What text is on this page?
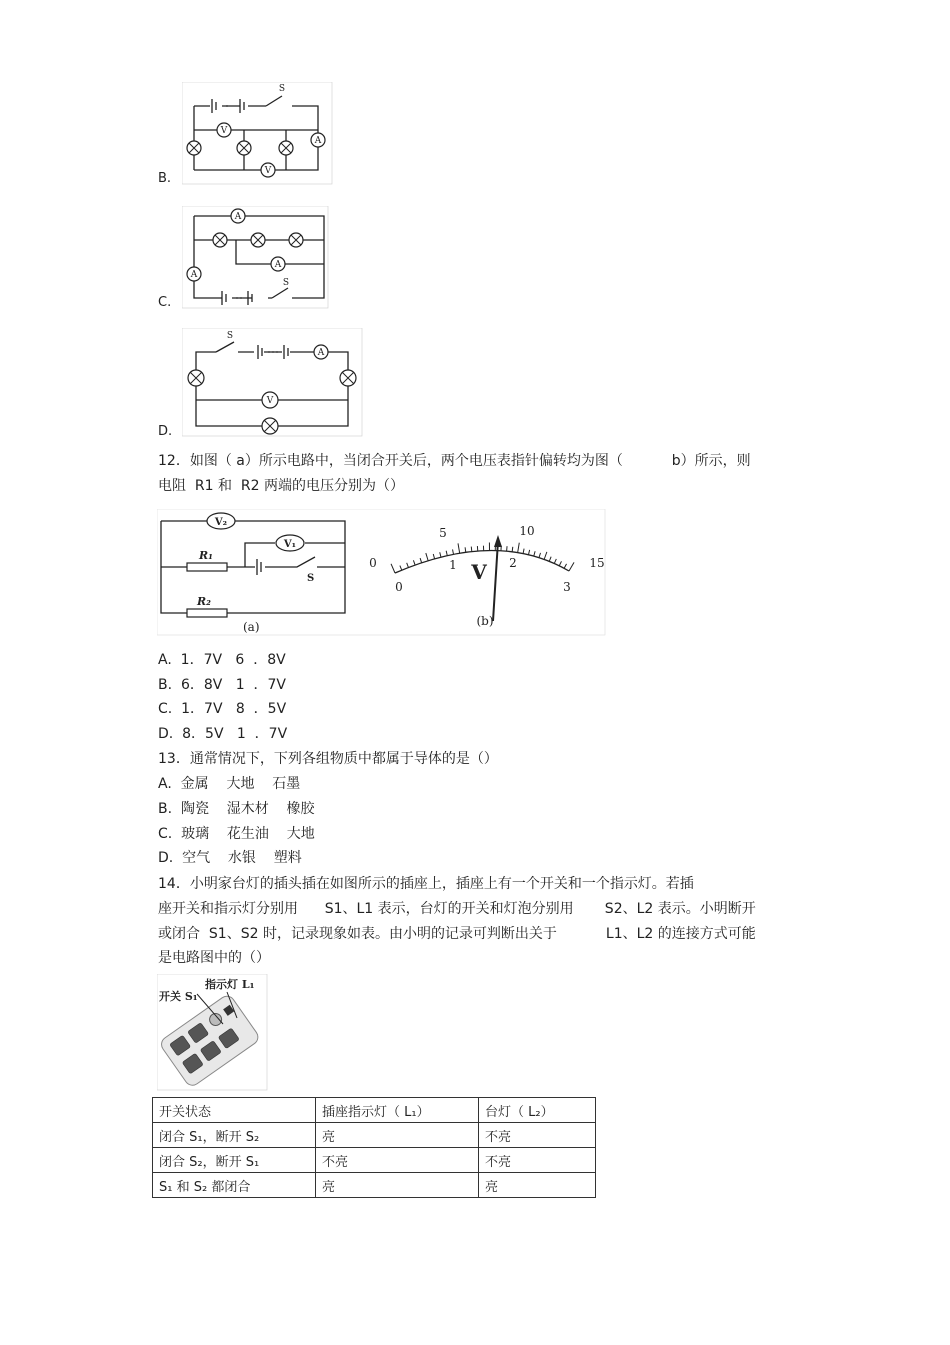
V
V
A
S
B.
A
A
A
S
C.
A
V
S
D.
12．如图（ a）所示电路中，当闭合开关后，两个电压表指针偏转均为图（           b）所示，则
电阻  R1 和  R2 两端的电压分别为（）
V₂
V₁
R₁
R₂
S
(a)
0
5	10
15
0
1	2
3
V
(b)
A.  1．7V   6  ．8V
B.  6．8V   1  ．7V
C.  1．7V   8  ．5V
D.  8．5V   1  ．7V
13．通常情况下，下列各组物质中都属于导体的是（）
A.  金属    大地    石墨
B.  陶瓷    湿木材    橡胶
C.  玻璃    花生油    大地
D.  空气    水银    塑料
14．小明家台灯的插头插在如图所示的插座上，插座上有一个开关和一个指示灯。若插
座开关和指示灯分别用      S1、L1 表示，台灯的开关和灯泡分别用       S2、L2 表示。小明断开
或闭合  S1、S2 时，记录现象如表。由小明的记录可判断出关于           L1、L2 的连接方式可能
是电路图中的（）
开关 S₁
指示灯 L₁
开关状态	插座指示灯（ L₁）	台灯（ L₂）
闭合 S₁，断开 S₂	亮	不亮
闭合 S₂，断开 S₁	不亮	不亮
S₁ 和 S₂ 都闭合	亮	亮
